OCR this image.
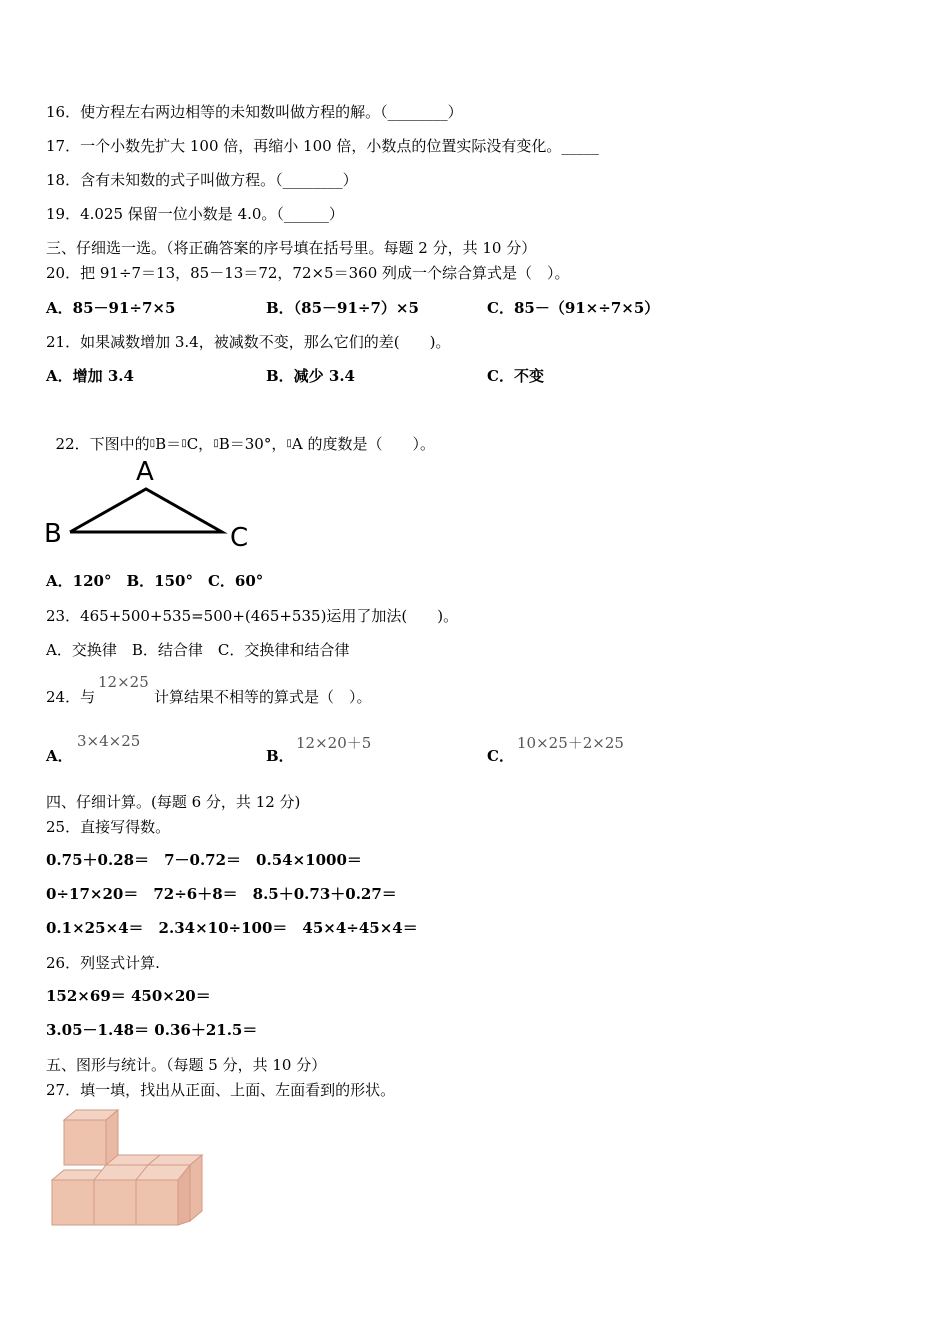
16．使方程左右两边相等的未知数叫做方程的解。（________）
17．一个小数先扩大 100 倍，再缩小 100 倍，小数点的位置实际没有变化。_____
18．含有未知数的式子叫做方程。（________）
19．4.025 保留一位小数是 4.0。（______）
三、仔细选一选。（将正确答案的序号填在括号里。每题 2 分，共 10 分）
20．把 91÷7＝13，85－13＝72，72×5＝360 列成一个综合算式是（　）。
A．85－91÷7×5	B．（85－91÷7）×5	C．85－（91×÷7×5）
21．如果减数增加 3.4，被减数不变，那么它们的差(　　)。
A．增加 3.4	B．减少 3.4	C．不变

22．下图中的▯B＝▯C，▯B＝30°，▯A 的度数是（　　）。

A
B	C
A．120°　B．150°　C．60°
23．465+500+535=500+(465+535)运用了加法(　　)。
A．交换律　B．结合律　C．交换律和结合律
24．与
12×25
计算结果不相等的算式是（　）。
A．
3×4×25
B．
12×20＋5
C．
10×25＋2×25
四、仔细计算。(每题 6 分，共 12 分)
25．直接写得数。
0.75＋0.28＝　7－0.72＝　0.54×1000＝
0÷17×20＝　72÷6＋8＝　8.5＋0.73＋0.27＝
0.1×25×4＝　2.34×10÷100＝　45×4÷45×4＝
26．列竖式计算.
152×69＝ 450×20＝
3.05－1.48＝ 0.36＋21.5＝
五、图形与统计。（每题 5 分，共 10 分）
27．填一填，找出从正面、上面、左面看到的形状。
